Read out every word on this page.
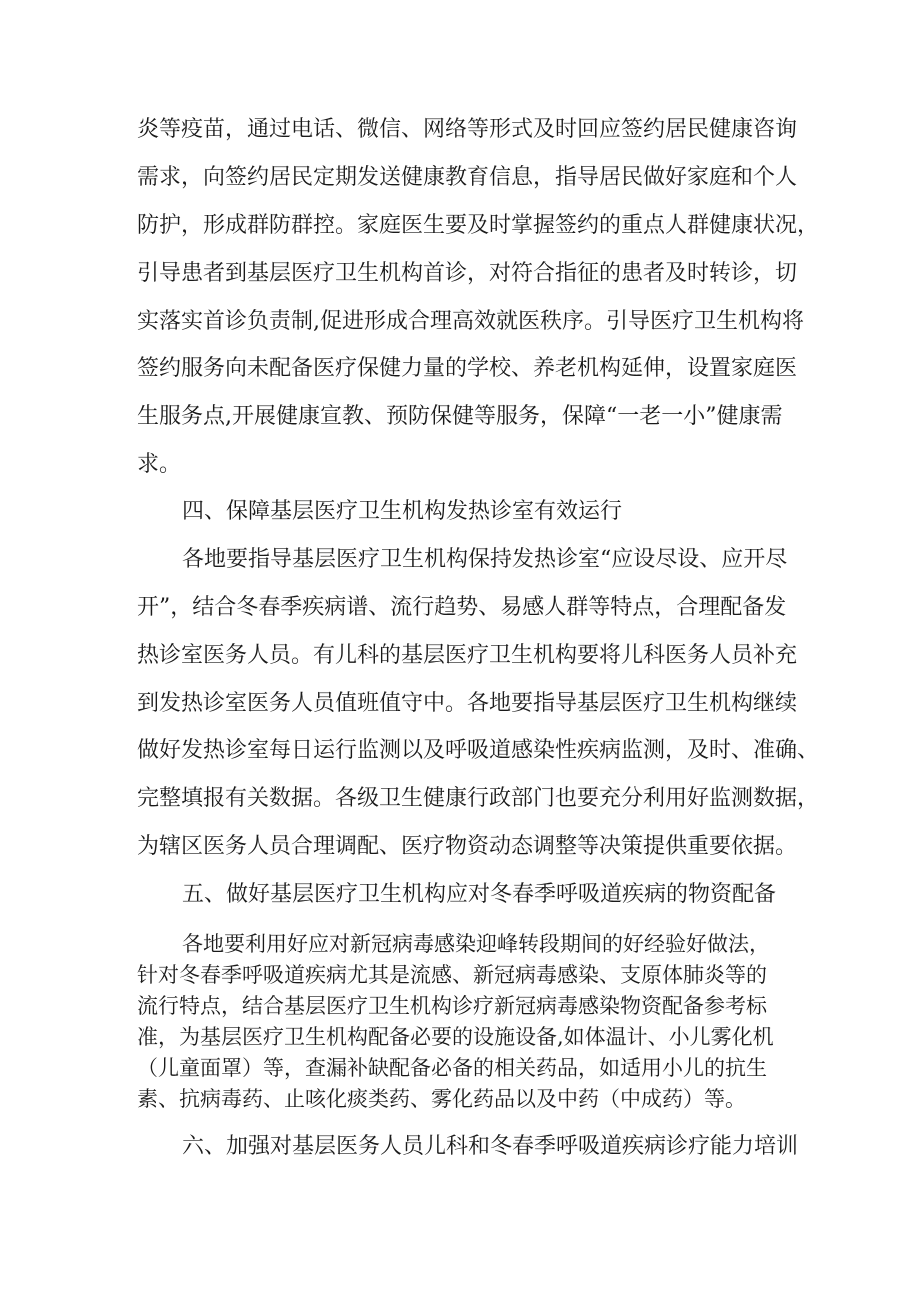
炎等疫苗，通过电话、微信、网络等形式及时回应签约居民健康咨询
需求，向签约居民定期发送健康教育信息，指导居民做好家庭和个人
防护，形成群防群控。家庭医生要及时掌握签约的重点人群健康状况，
引导患者到基层医疗卫生机构首诊，对符合指征的患者及时转诊，切
实落实首诊负责制,促进形成合理高效就医秩序。引导医疗卫生机构将
签约服务向未配备医疗保健力量的学校、养老机构延伸，设置家庭医
生服务点,开展健康宣教、预防保健等服务，保障“一老一小”健康需
求。
四、保障基层医疗卫生机构发热诊室有效运行
各地要指导基层医疗卫生机构保持发热诊室“应设尽设、应开尽
开”，结合冬春季疾病谱、流行趋势、易感人群等特点，合理配备发
热诊室医务人员。有儿科的基层医疗卫生机构要将儿科医务人员补充
到发热诊室医务人员值班值守中。各地要指导基层医疗卫生机构继续
做好发热诊室每日运行监测以及呼吸道感染性疾病监测，及时、准确、
完整填报有关数据。各级卫生健康行政部门也要充分利用好监测数据，
为辖区医务人员合理调配、医疗物资动态调整等决策提供重要依据。
五、做好基层医疗卫生机构应对冬春季呼吸道疾病的物资配备
各地要利用好应对新冠病毒感染迎峰转段期间的好经验好做法，
针对冬春季呼吸道疾病尤其是流感、新冠病毒感染、支原体肺炎等的
流行特点，结合基层医疗卫生机构诊疗新冠病毒感染物资配备参考标
准，为基层医疗卫生机构配备必要的设施设备,如体温计、小儿雾化机
（儿童面罩）等，查漏补缺配备必备的相关药品，如适用小儿的抗生
素、抗病毒药、止咳化痰类药、雾化药品以及中药（中成药）等。
六、加强对基层医务人员儿科和冬春季呼吸道疾病诊疗能力培训
